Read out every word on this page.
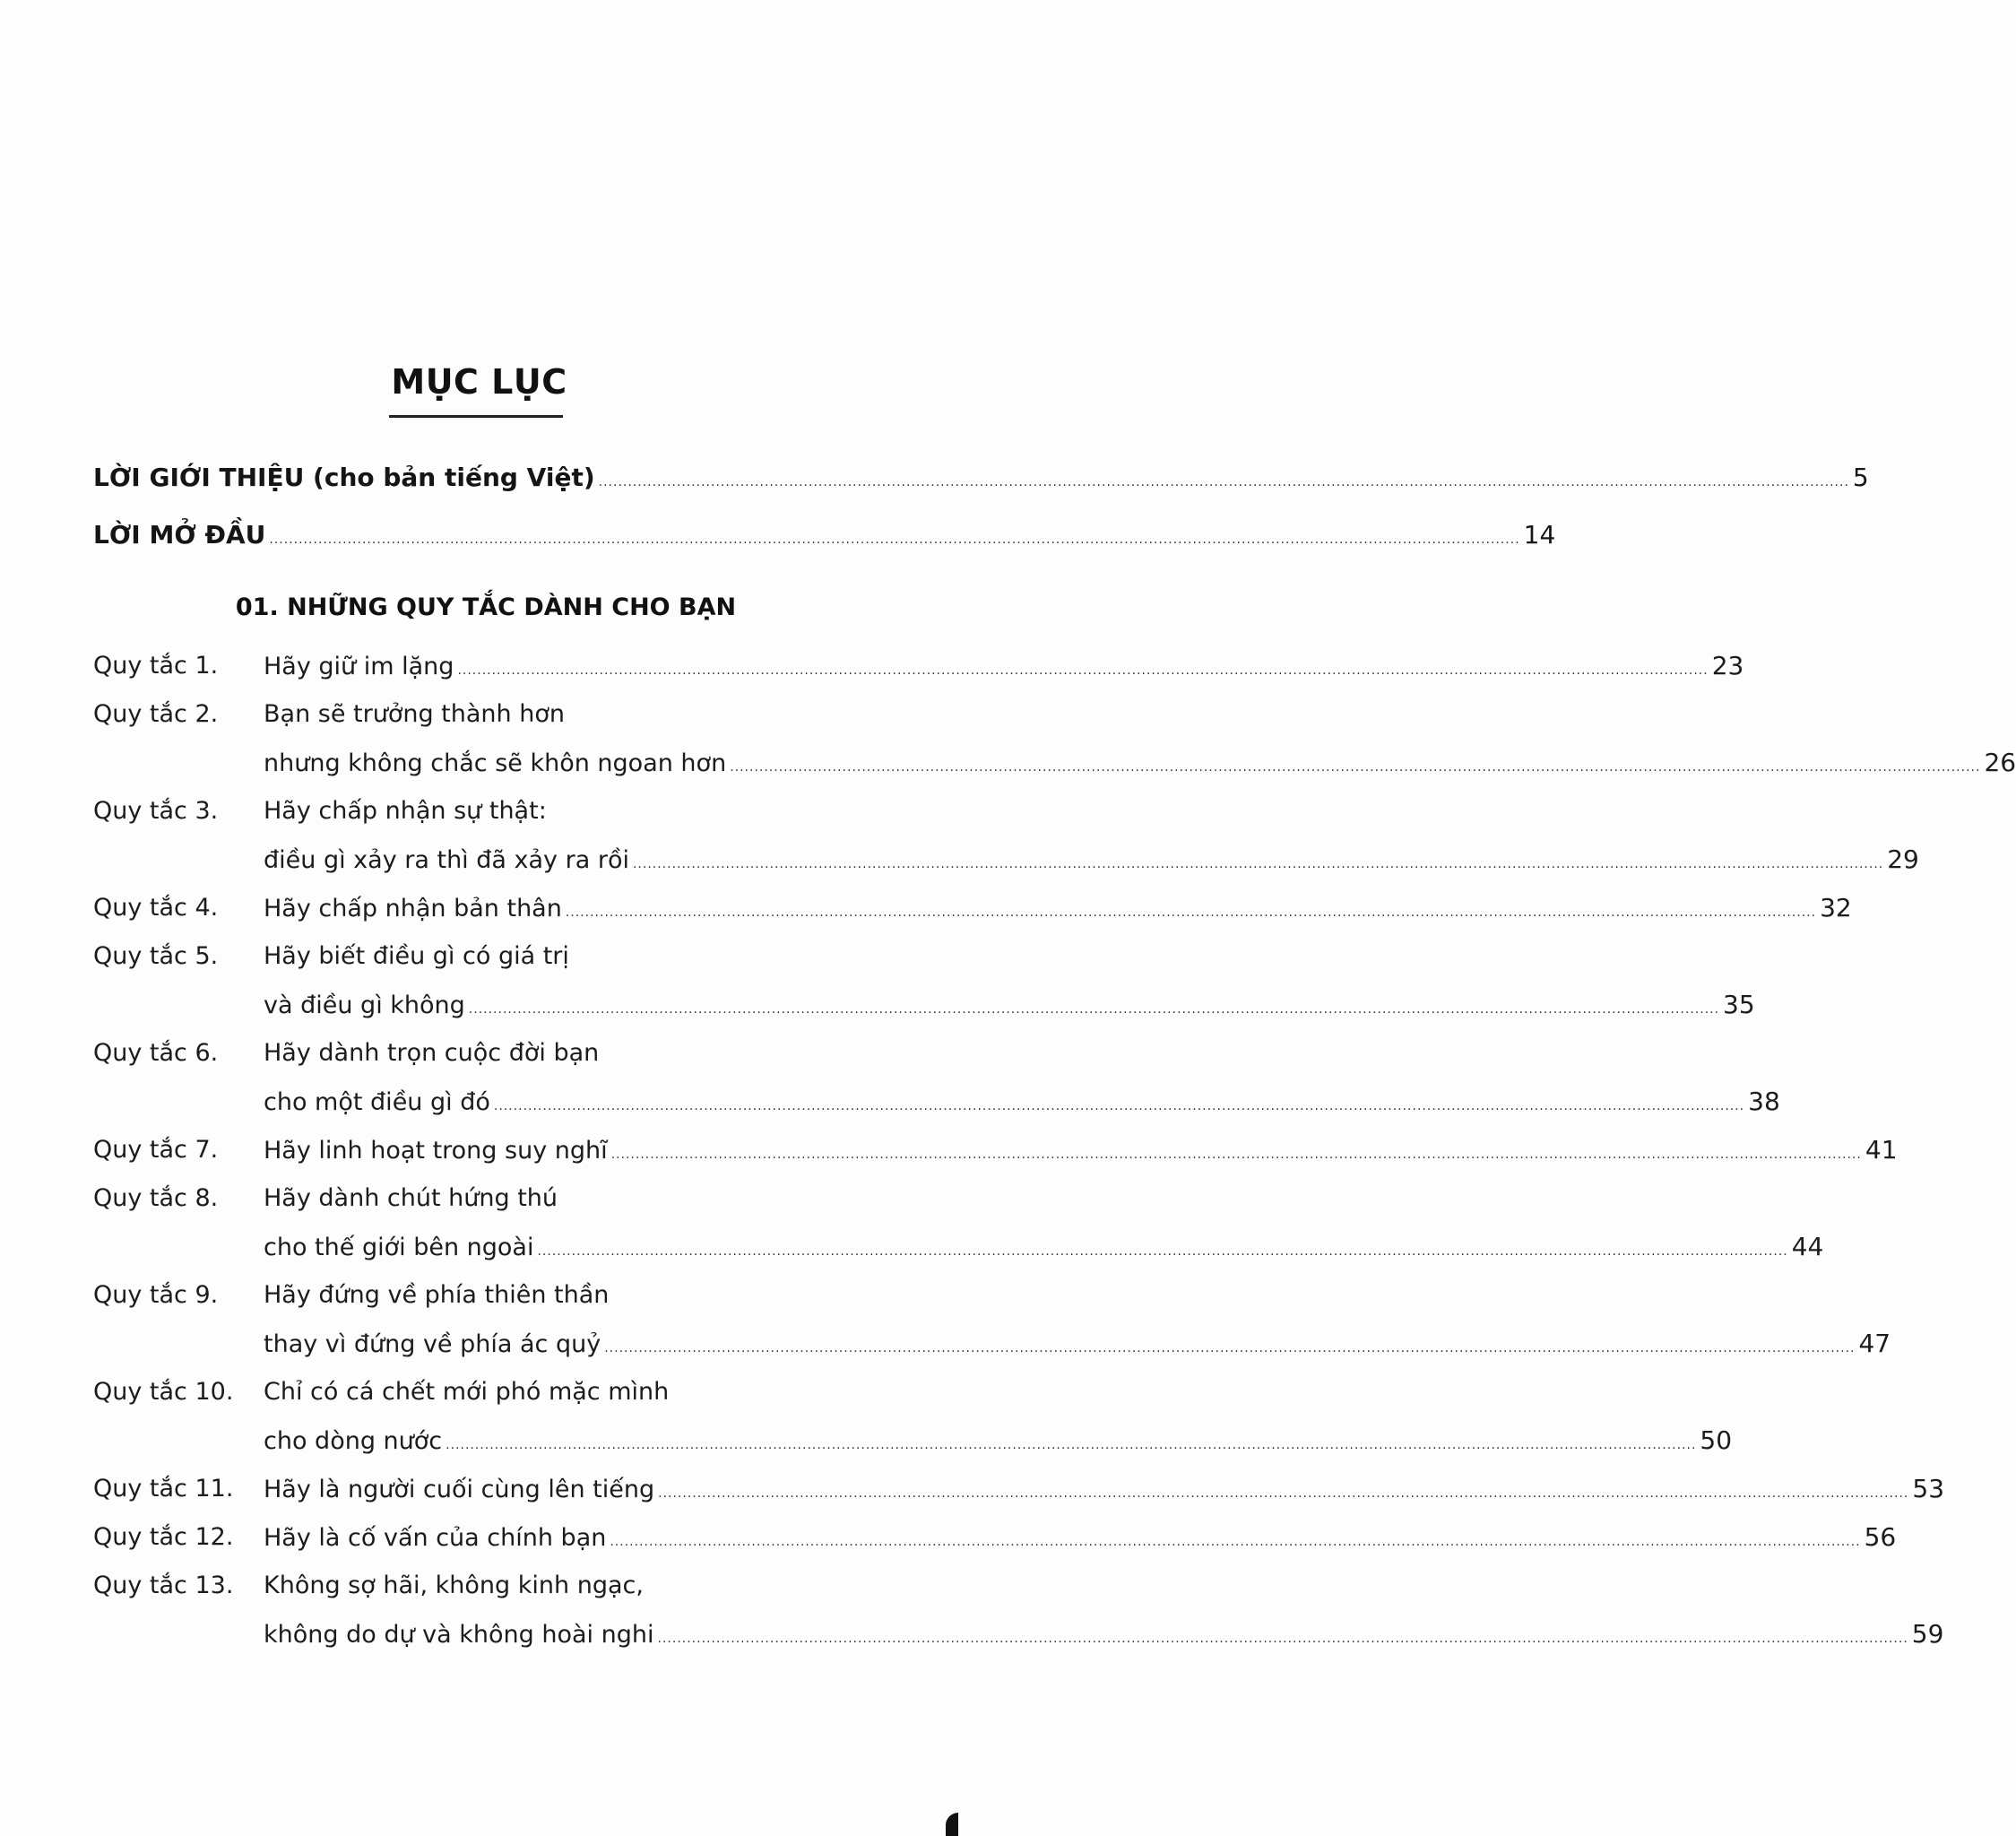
MỤC LỤC
LỜI GIỚI THIỆU (cho bản tiếng Việt) .....	5
LỜI MỞ ĐẦU .....	14
01. NHỮNG QUY TẮC DÀNH CHO BẠN
Quy tắc 1.	Hãy giữ im lặng .....	23
Quy tắc 2.	Bạn sẽ trưởng thành hơn
nhưng không chắc sẽ khôn ngoan hơn .....	26
Quy tắc 3.	Hãy chấp nhận sự thật:
điều gì xảy ra thì đã xảy ra rồi .....	29
Quy tắc 4.	Hãy chấp nhận bản thân .....	32
Quy tắc 5.	Hãy biết điều gì có giá trị
và điều gì không .....	35
Quy tắc 6.	Hãy dành trọn cuộc đời bạn
cho một điều gì đó .....	38
Quy tắc 7.	Hãy linh hoạt trong suy nghĩ .....	41
Quy tắc 8.	Hãy dành chút hứng thú
cho thế giới bên ngoài .....	44
Quy tắc 9.	Hãy đứng về phía thiên thần
thay vì đứng về phía ác quỷ .....	47
Quy tắc 10.	Chỉ có cá chết mới phó mặc mình
cho dòng nước .....	50
Quy tắc 11.	Hãy là người cuối cùng lên tiếng .....	53
Quy tắc 12.	Hãy là cố vấn của chính bạn .....	56
Quy tắc 13.	Không sợ hãi, không kinh ngạc,
không do dự và không hoài nghi .....	59
